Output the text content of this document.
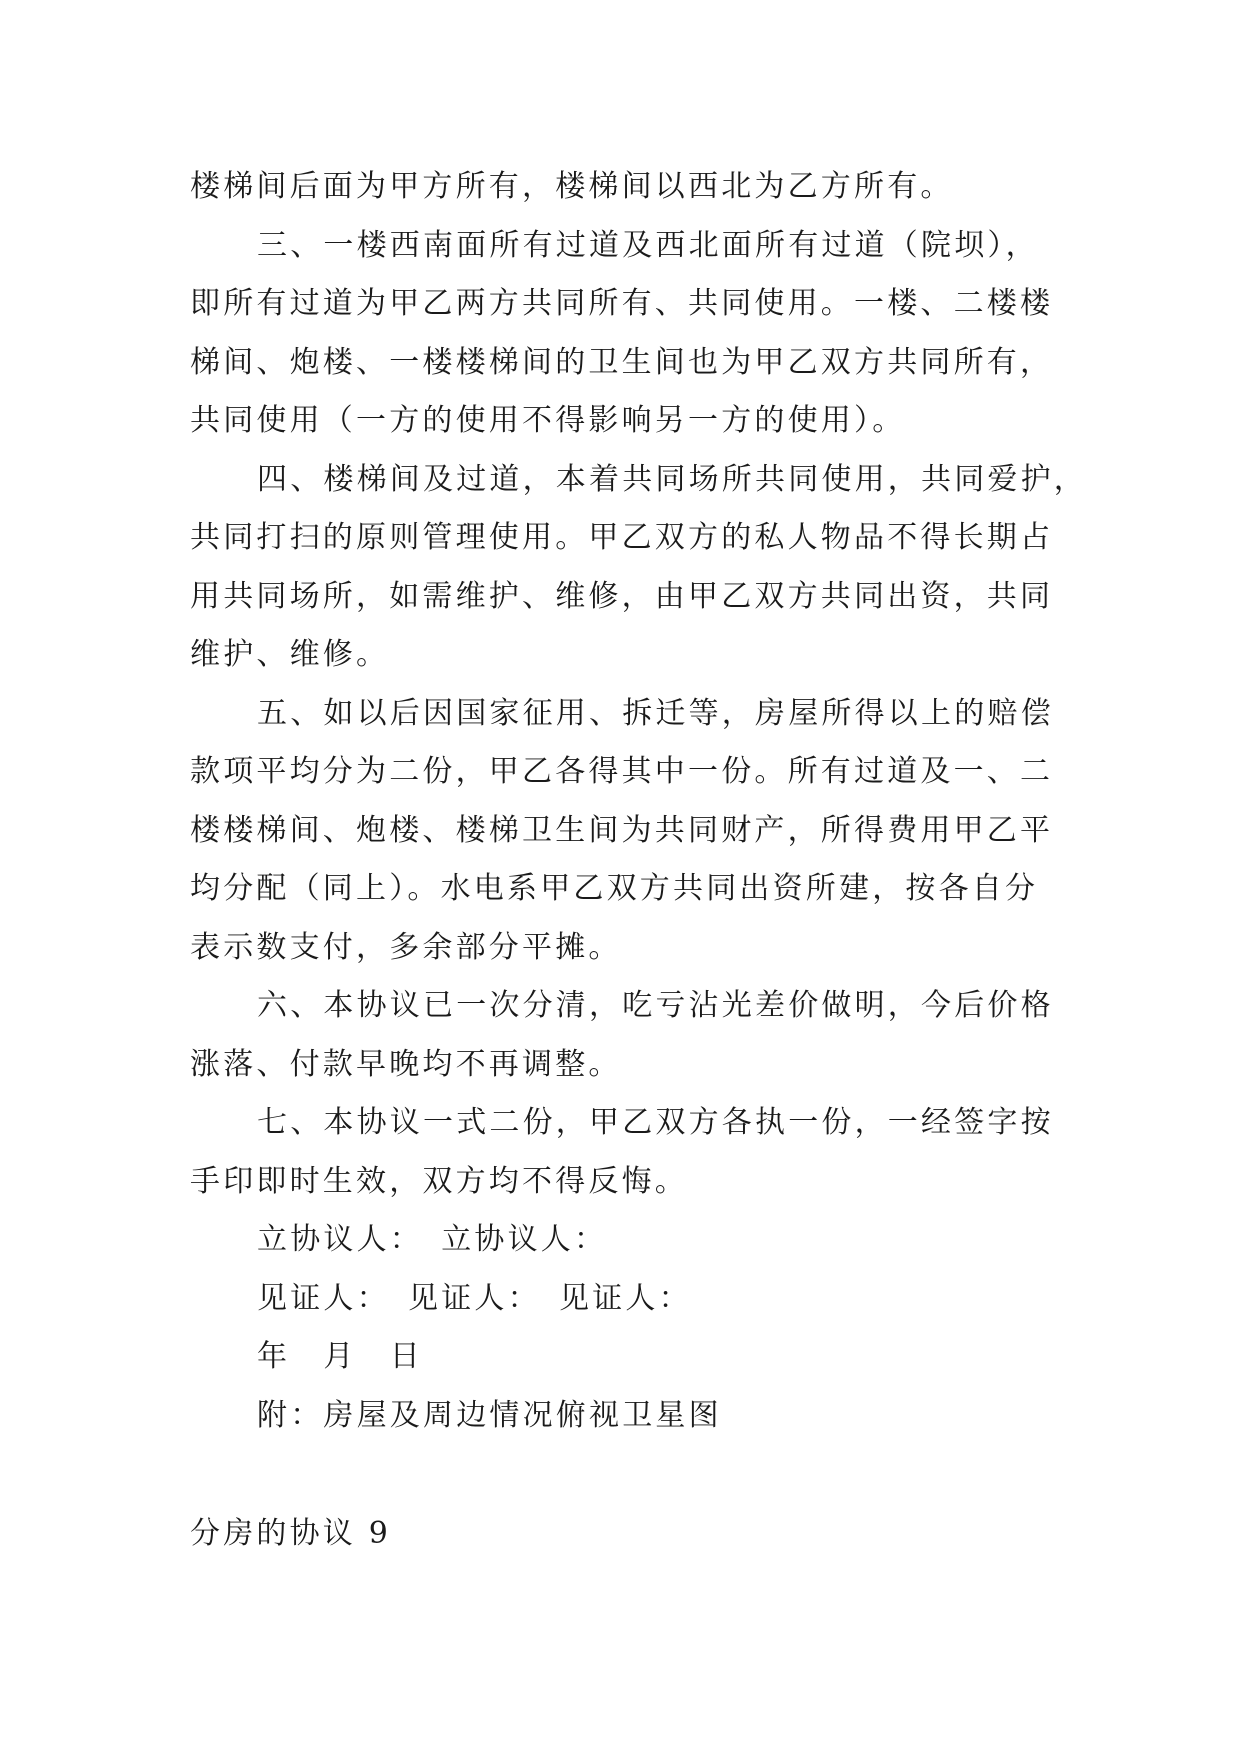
楼梯间后面为甲方所有，楼梯间以西北为乙方所有。

三、一楼西南面所有过道及西北面所有过道（院坝），

即所有过道为甲乙两方共同所有、共同使用。一楼、二楼楼

梯间、炮楼、一楼楼梯间的卫生间也为甲乙双方共同所有，

共同使用（一方的使用不得影响另一方的使用）。

四、楼梯间及过道，本着共同场所共同使用，共同爱护，

共同打扫的原则管理使用。甲乙双方的私人物品不得长期占

用共同场所，如需维护、维修，由甲乙双方共同出资，共同

维护、维修。

五、如以后因国家征用、拆迁等，房屋所得以上的赔偿

款项平均分为二份，甲乙各得其中一份。所有过道及一、二

楼楼梯间、炮楼、楼梯卫生间为共同财产，所得费用甲乙平

均分配（同上）。水电系甲乙双方共同出资所建，按各自分

表示数支付，多余部分平摊。

六、本协议已一次分清，吃亏沾光差价做明，今后价格

涨落、付款早晚均不再调整。

七、本协议一式二份，甲乙双方各执一份，一经签字按

手印即时生效，双方均不得反悔。

立协议人：　立协议人：

见证人：　见证人：　见证人：

年　月　日

附：房屋及周边情况俯视卫星图

分房的协议 9
